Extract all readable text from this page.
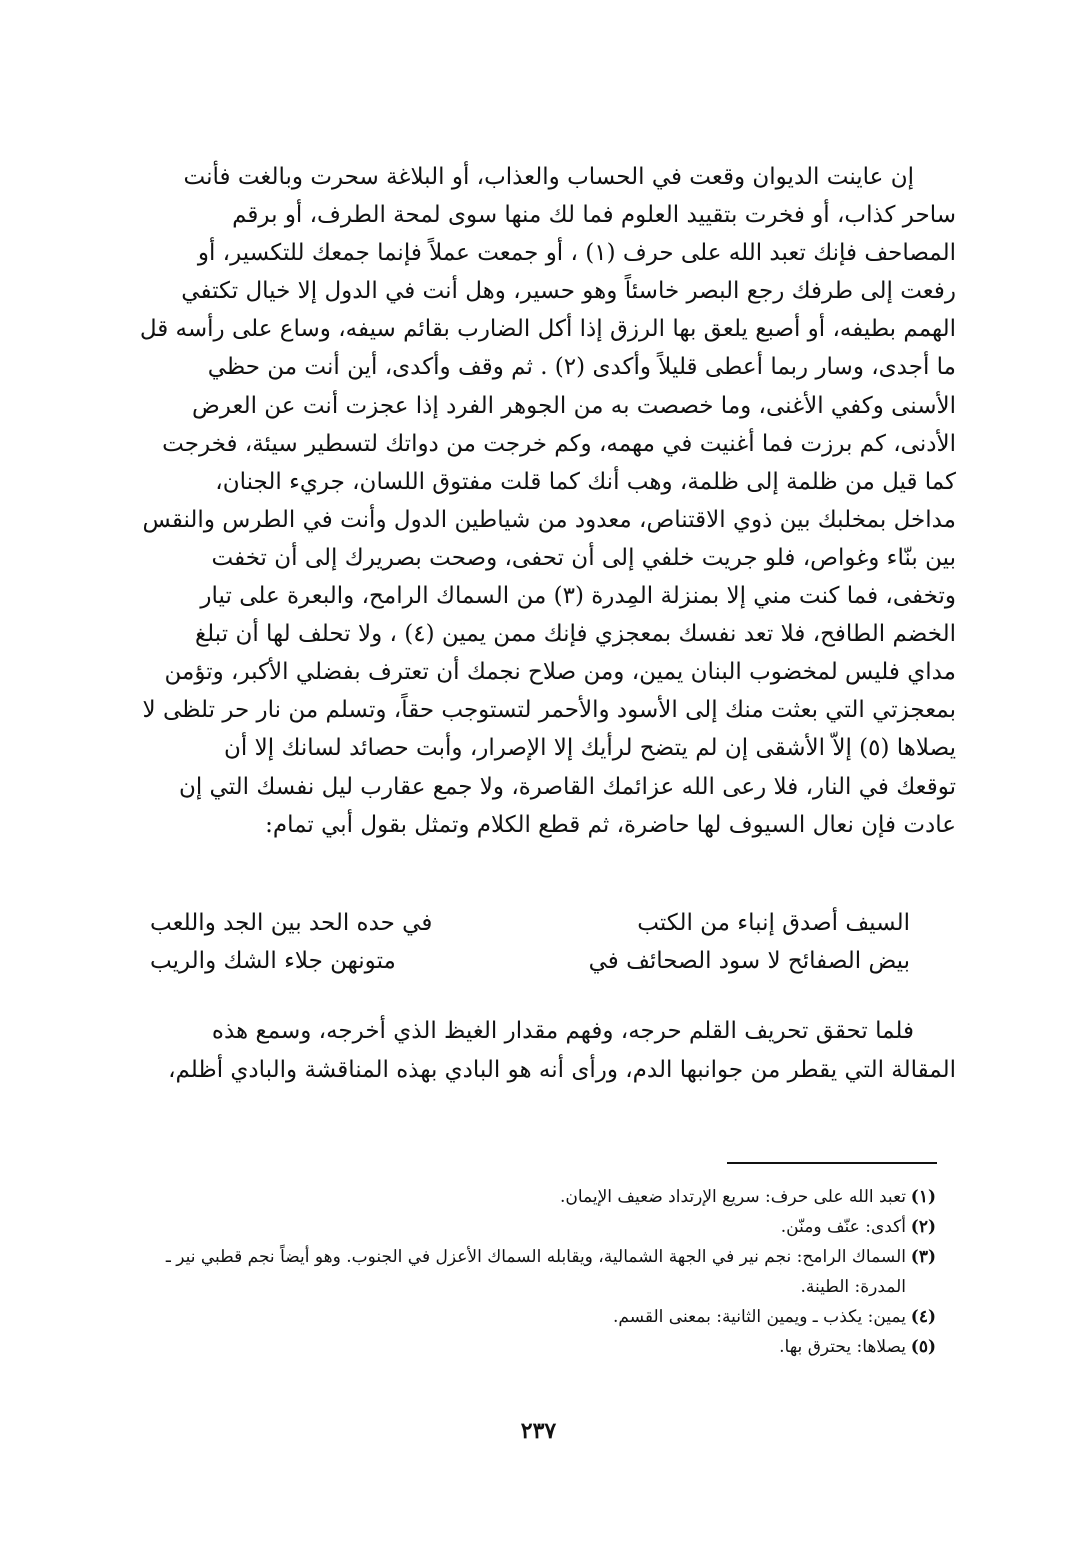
إن عاينت الديوان وقعت في الحساب والعذاب، أو البلاغة سحرت وبالغت فأنت
ساحر كذاب، أو فخرت بتقييد العلوم فما لك منها سوى لمحة الطرف، أو برقم
المصاحف فإنك تعبد الله على حرف (١) ، أو جمعت عملاً فإنما جمعك للتكسير، أو
رفعت إلى طرفك رجع البصر خاسئاً وهو حسير، وهل أنت في الدول إلا خيال تكتفي
الهمم بطيفه، أو أصبع يلعق بها الرزق إذا أكل الضارب بقائم سيفه، وساع على رأسه قل
ما أجدى، وسار ربما أعطى قليلاً وأكدى (٢) . ثم وقف وأكدى، أين أنت من حظي
الأسنى وكفي الأغنى، وما خصصت به من الجوهر الفرد إذا عجزت أنت عن العرض
الأدنى، كم برزت فما أغنيت في مهمه، وكم خرجت من دواتك لتسطير سيئة، فخرجت
كما قيل من ظلمة إلى ظلمة، وهب أنك كما قلت مفتوق اللسان، جريء الجنان،
مداخل بمخلبك بين ذوي الاقتناص، معدود من شياطين الدول وأنت في الطرس والنقس
بين بنّاء وغواص، فلو جريت خلفي إلى أن تحفى، وصحت بصريرك إلى أن تخفت
وتخفى، فما كنت مني إلا بمنزلة المِدرة (٣) من السماك الرامح، والبعرة على تيار
الخضم الطافح، فلا تعد نفسك بمعجزي فإنك ممن يمين (٤) ، ولا تحلف لها أن تبلغ
مداي فليس لمخضوب البنان يمين، ومن صلاح نجمك أن تعترف بفضلي الأكبر، وتؤمن
بمعجزتي التي بعثت منك إلى الأسود والأحمر لتستوجب حقاً، وتسلم من نار حر تلظى لا
يصلاها (٥) إلاّ الأشقى إن لم يتضح لرأيك إلا الإصرار، وأبت حصائد لسانك إلا أن
توقعك في النار، فلا رعى الله عزائمك القاصرة، ولا جمع عقارب ليل نفسك التي إن
عادت فإن نعال السيوف لها حاضرة، ثم قطع الكلام وتمثل بقول أبي تمام:

السيف أصدق إنباء من الكتب
في حده الحد بين الجد واللعب
بيض الصفائح لا سود الصحائف في
متونهن جلاء الشك والريب

فلما تحقق تحريف القلم حرجه، وفهم مقدار الغيظ الذي أخرجه، وسمع هذه
المقالة التي يقطر من جوانبها الدم، ورأى أنه هو البادي بهذه المناقشة والبادي أظلم،

(١)
تعبد الله على حرف: سريع الإرتداد ضعيف الإيمان.
(٢)
أكدى: عنّف ومنّن.
(٣)
السماك الرامح: نجم نير في الجهة الشمالية، ويقابله السماك الأعزل في الجنوب. وهو أيضاً نجم قطبي نير ـ المدرة: الطينة.
(٤)
يمين: يكذب ـ ويمين الثانية: بمعنى القسم.
(٥)
يصلاها: يحترق بها.
٢٣٧
